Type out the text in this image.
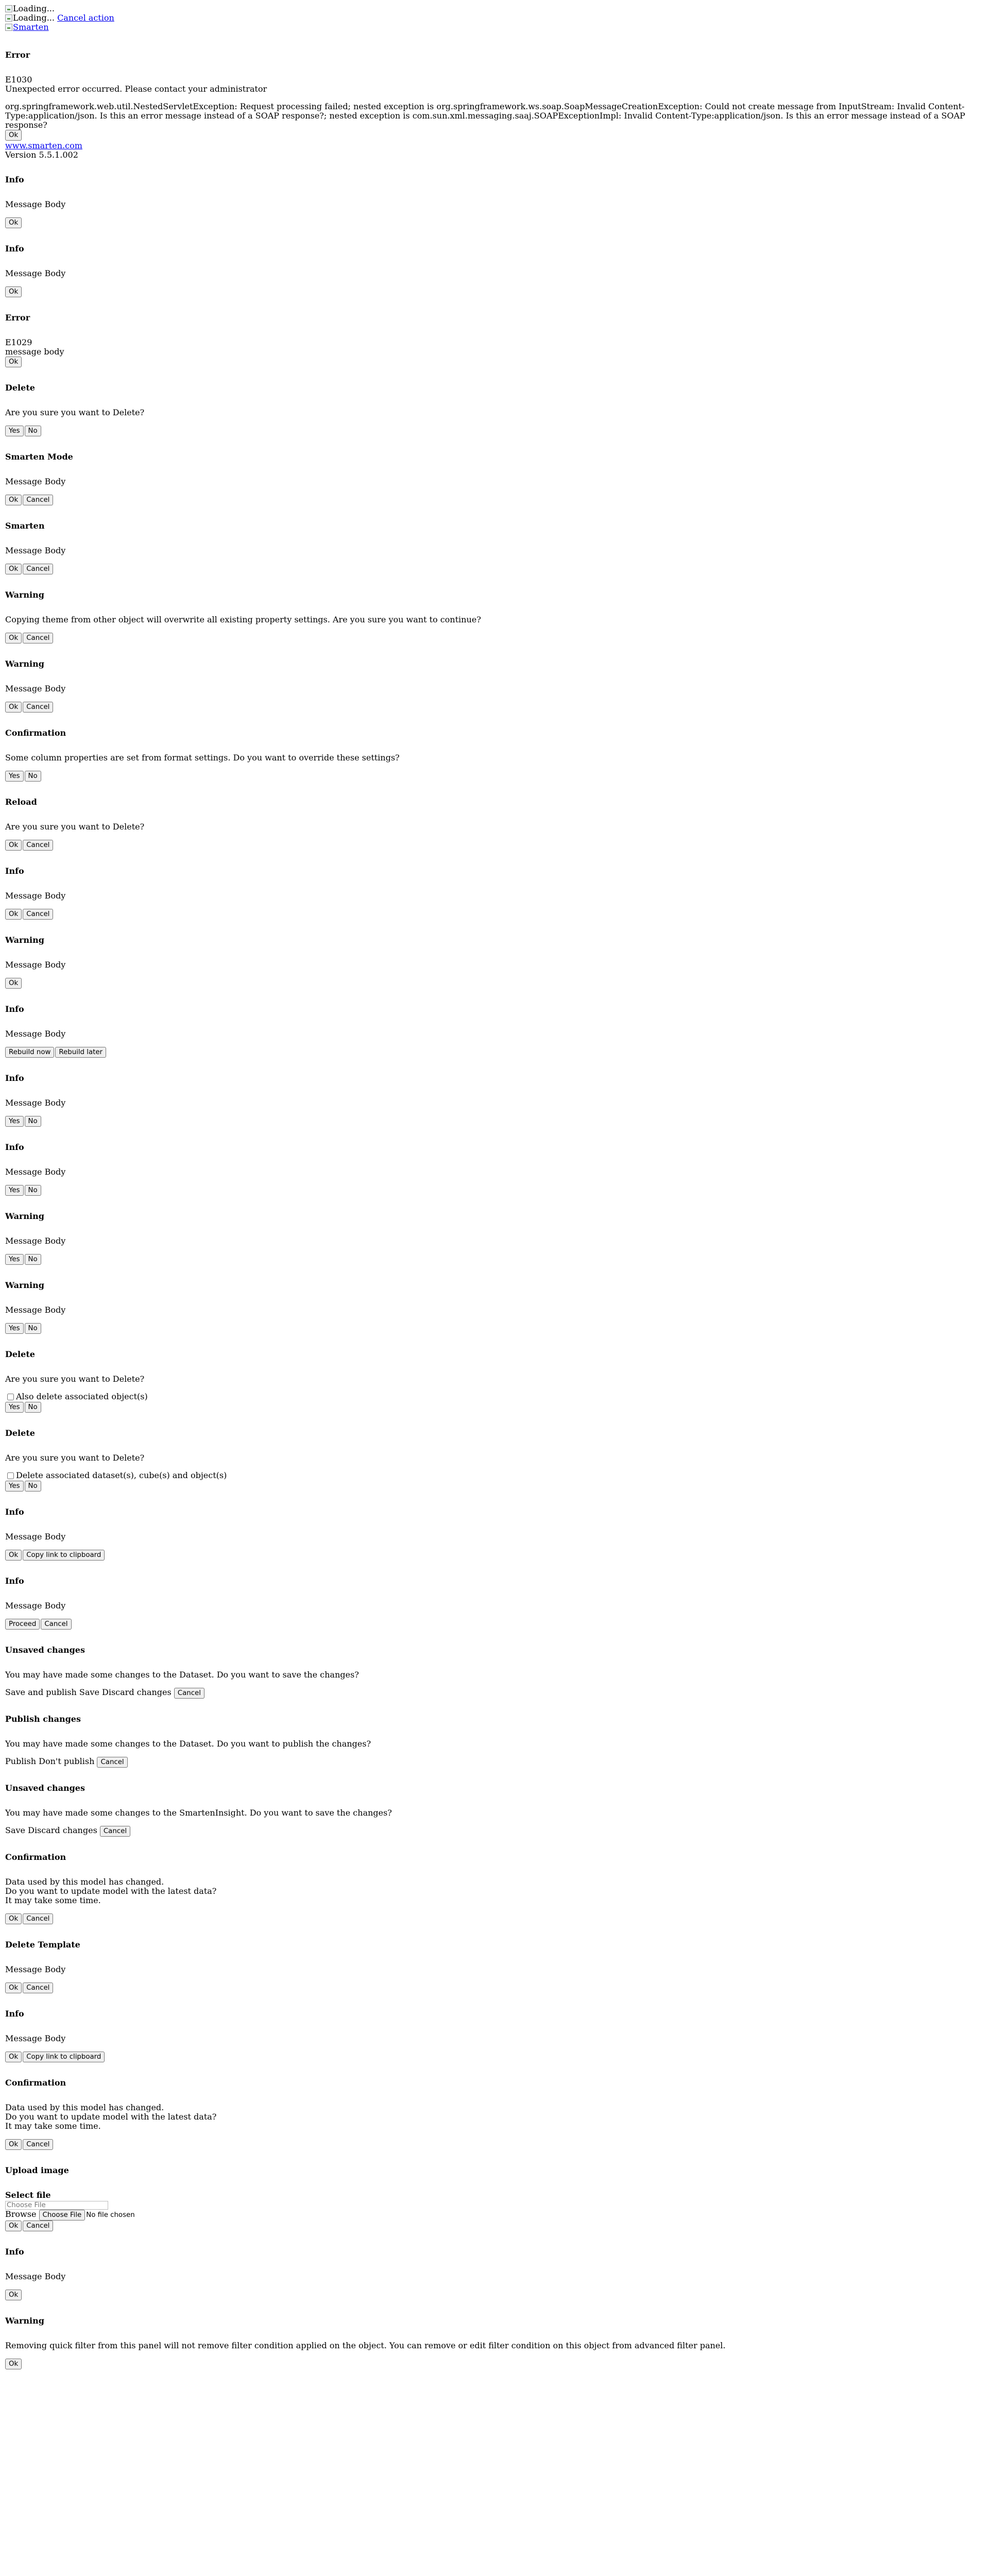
Loading...
Loading... Cancel action
Smarten
Error
E1030
Unexpected error occurred. Please contact your administrator

org.springframework.web.util.NestedServletException: Request processing failed; nested exception is org.springframework.ws.soap.SoapMessageCreationException: Could not create message from InputStream: Invalid Content-Type:application/json. Is this an error message instead of a SOAP response?; nested exception is com.sun.xml.messaging.saaj.SOAPExceptionImpl: Invalid Content-Type:application/json. Is this an error message instead of a SOAP response?

Ok
www.smarten.com
Version 5.5.1.002
Info

Message Body

Ok
Info

Message Body

Ok
Error
E1029
message body
Ok
Delete

Are you sure you want to Delete?

Yes No
Smarten Mode

Message Body

Ok Cancel
Smarten

Message Body

Ok Cancel
Warning

Copying theme from other object will overwrite all existing property settings. Are you sure you want to continue?

Ok Cancel
Warning

Message Body

Ok Cancel
Confirmation

Some column properties are set from format settings. Do you want to override these settings?

Yes No
Reload

Are you sure you want to Delete?

Ok Cancel
Info

Message Body

Ok Cancel
Warning

Message Body

Ok
Info

Message Body

Rebuild now Rebuild later
Info

Message Body

Yes No
Info

Message Body

Yes No
Warning

Message Body

Yes No
Warning

Message Body

Yes No
Delete

Are you sure you want to Delete?

Also delete associated object(s)
Yes No
Delete

Are you sure you want to Delete?

Delete associated dataset(s), cube(s) and object(s)
Yes No
Info

Message Body

Ok Copy link to clipboard
Info

Message Body

Proceed Cancel
Unsaved changes

You may have made some changes to the Dataset. Do you want to save the changes?

Save and publish Save Discard changes Cancel
Publish changes

You may have made some changes to the Dataset. Do you want to publish the changes?

Publish Don't publish Cancel
Unsaved changes

You may have made some changes to the SmartenInsight. Do you want to save the changes?

Save Discard changes Cancel
Confirmation

Data used by this model has changed.
Do you want to update model with the latest data?
It may take some time.

Ok Cancel
Delete Template

Message Body

Ok Cancel
Info

Message Body

Ok Copy link to clipboard
Confirmation

Data used by this model has changed.
Do you want to update model with the latest data?
It may take some time.

Ok Cancel
Upload image
Select file
Choose File
Browse Choose File No file chosen
Ok Cancel
Info

Message Body

Ok
Warning

Removing quick filter from this panel will not remove filter condition applied on the object. You can remove or edit filter condition on this object from advanced filter panel.

Ok
